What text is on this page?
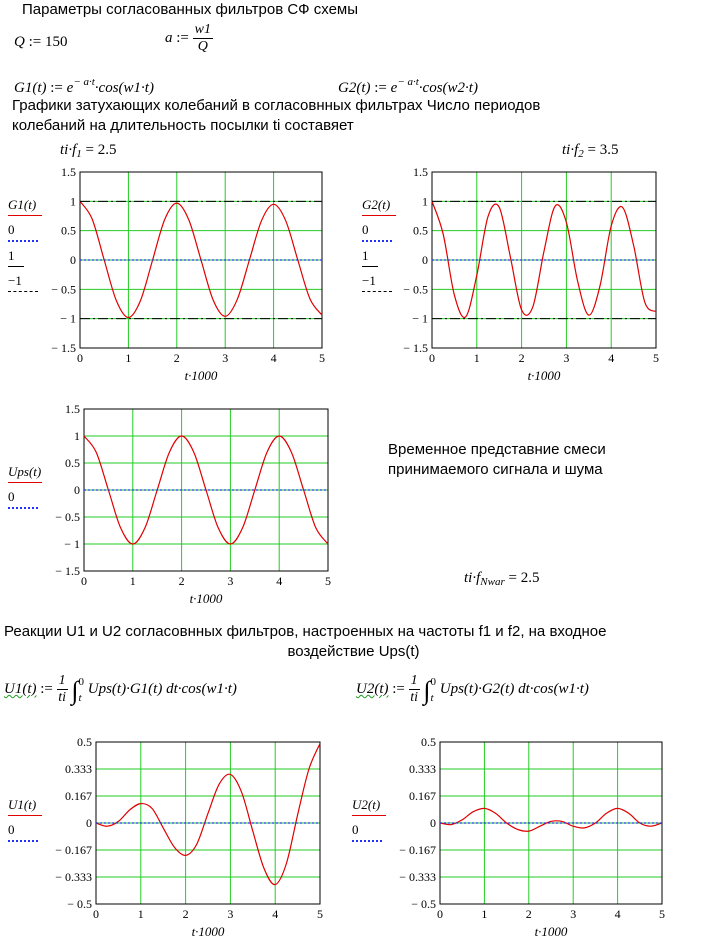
Параметры согласованных фильтров СФ схемы
Q := 150	a := $\frac{w1}{Q}$
G1(t) := $e^{- a\cdot t}\cdot\cos(w1\cdot t)$	G2(t) := $e^{- a\cdot t}\cdot\cos(w2\cdot t)$
Графики затухающих колебаний в согласовнных фильтрах Число периодов
колебаний на длительность посылки ti составяет
$ti\cdot f_1 = 2.5$	$ti\cdot f_2 = 3.5$
G1(t)
0
1
−1
0	1	2	3	4	5
1.5
1
0.5
0
− 0.5
− 1
− 1.5
t·1000
G2(t)
0
1
−1
0	1	2	3	4	5
1.5
1
0.5
0
− 0.5
− 1
− 1.5
t·1000
Ups(t)
0
0	1	2	3	4	5
1.5
1
0.5
0
− 0.5
− 1
− 1.5
t·1000
Временное представние смеси
принимаемого сигнала и шума
$ti\cdot f_{Nwar} = 2.5$
Реакции U1 и U2 согласовнных фильтров, настроенных на частоты f1 и f2, на входное
воздействие Ups(t)
U1(t) := $\frac{1}{ti}$ ∫ 0
t
Ups(t)·G1(t) dt·cos(w1·t)	U2(t) := $\frac{1}{ti}$ ∫ 0
t
Ups(t)·G2(t) dt·cos(w1·t)
U1(t)
0
0	1	2	3	4	5
0.5
0.333
0.167
0
− 0.167
− 0.333
− 0.5
t·1000
U2(t)
0
0	1	2	3	4	5
0.5
0.333
0.167
0
− 0.167
− 0.333
− 0.5
t·1000
